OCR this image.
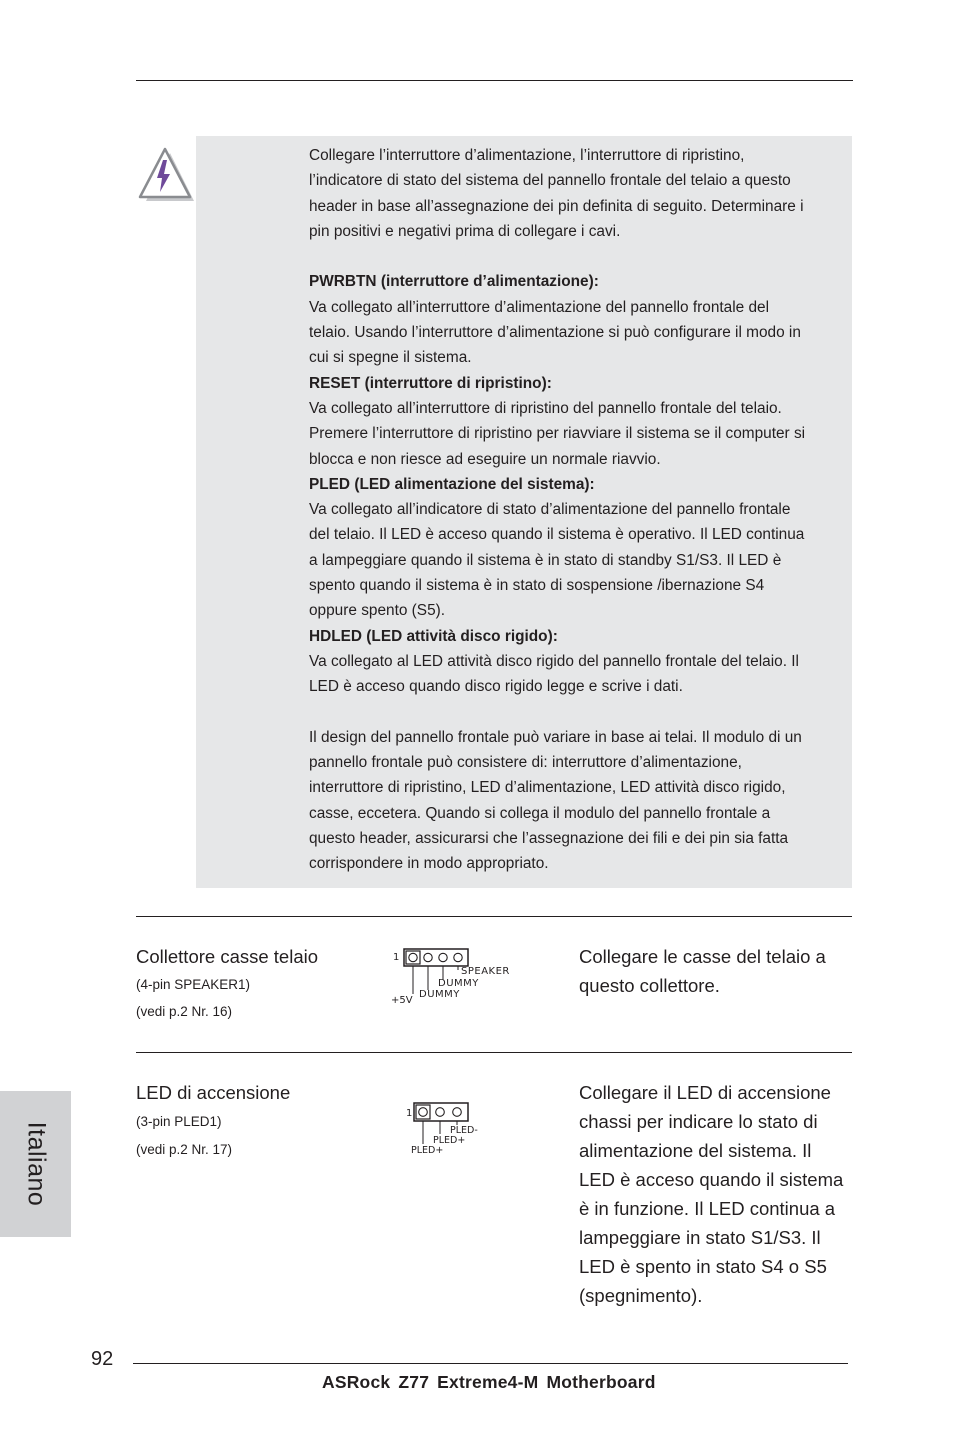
Collegare l’interruttore d’alimentazione, l’interruttore di ripristino,
l’indicatore di stato del sistema del pannello frontale del telaio a questo
header in base all’assegnazione dei pin definita di seguito. Determinare i
pin positivi e negativi prima di collegare i cavi.

PWRBTN (interruttore d’alimentazione):

Va collegato all’interruttore d’alimentazione del pannello frontale del
telaio. Usando l’interruttore d’alimentazione si può configurare il modo in
cui si spegne il sistema.

RESET (interruttore di ripristino):

Va collegato all’interruttore di ripristino del pannello frontale del telaio.
Premere l’interruttore di ripristino per riavviare il sistema se il computer si
blocca e non riesce ad eseguire un normale riavvio.

PLED (LED alimentazione del sistema):

Va collegato all’indicatore di stato d’alimentazione del pannello frontale
del telaio. Il LED è acceso quando il sistema è operativo. Il LED continua
a lampeggiare quando il sistema è in stato di standby S1/S3. Il LED è
spento quando il sistema è in stato di sospensione /ibernazione S4
oppure spento (S5).

HDLED (LED attività disco rigido):

Va collegato al LED attività disco rigido del pannello frontale del telaio. Il
LED è acceso quando disco rigido legge e scrive i dati.

Il design del pannello frontale può variare in base ai telai. Il modulo di un
pannello frontale può consistere di: interruttore d’alimentazione,
interruttore di ripristino, LED d’alimentazione, LED attività disco rigido,
casse, eccetera. Quando si collega il modulo del pannello frontale a
questo header, assicurarsi che l’assegnazione dei fili e dei pin sia fatta
corrispondere in modo appropriato.

Collettore casse telaio
(4-pin SPEAKER1)
(vedi p.2 Nr. 16)
1
SPEAKER
DUMMY
DUMMY
+5V
Collegare le casse del telaio a
questo collettore.
LED di accensione
(3-pin PLED1)
(vedi p.2 Nr. 17)
1
PLED-
PLED+
PLED+
Collegare il LED di accensione
chassi per indicare lo stato di
alimentazione del sistema. Il
LED è acceso quando il sistema
è in funzione. Il LED continua a
lampeggiare in stato S1/S3. Il
LED è spento in stato S4 o S5
(spegnimento).
Italiano
92
ASRock Z77 Extreme4-M Motherboard
